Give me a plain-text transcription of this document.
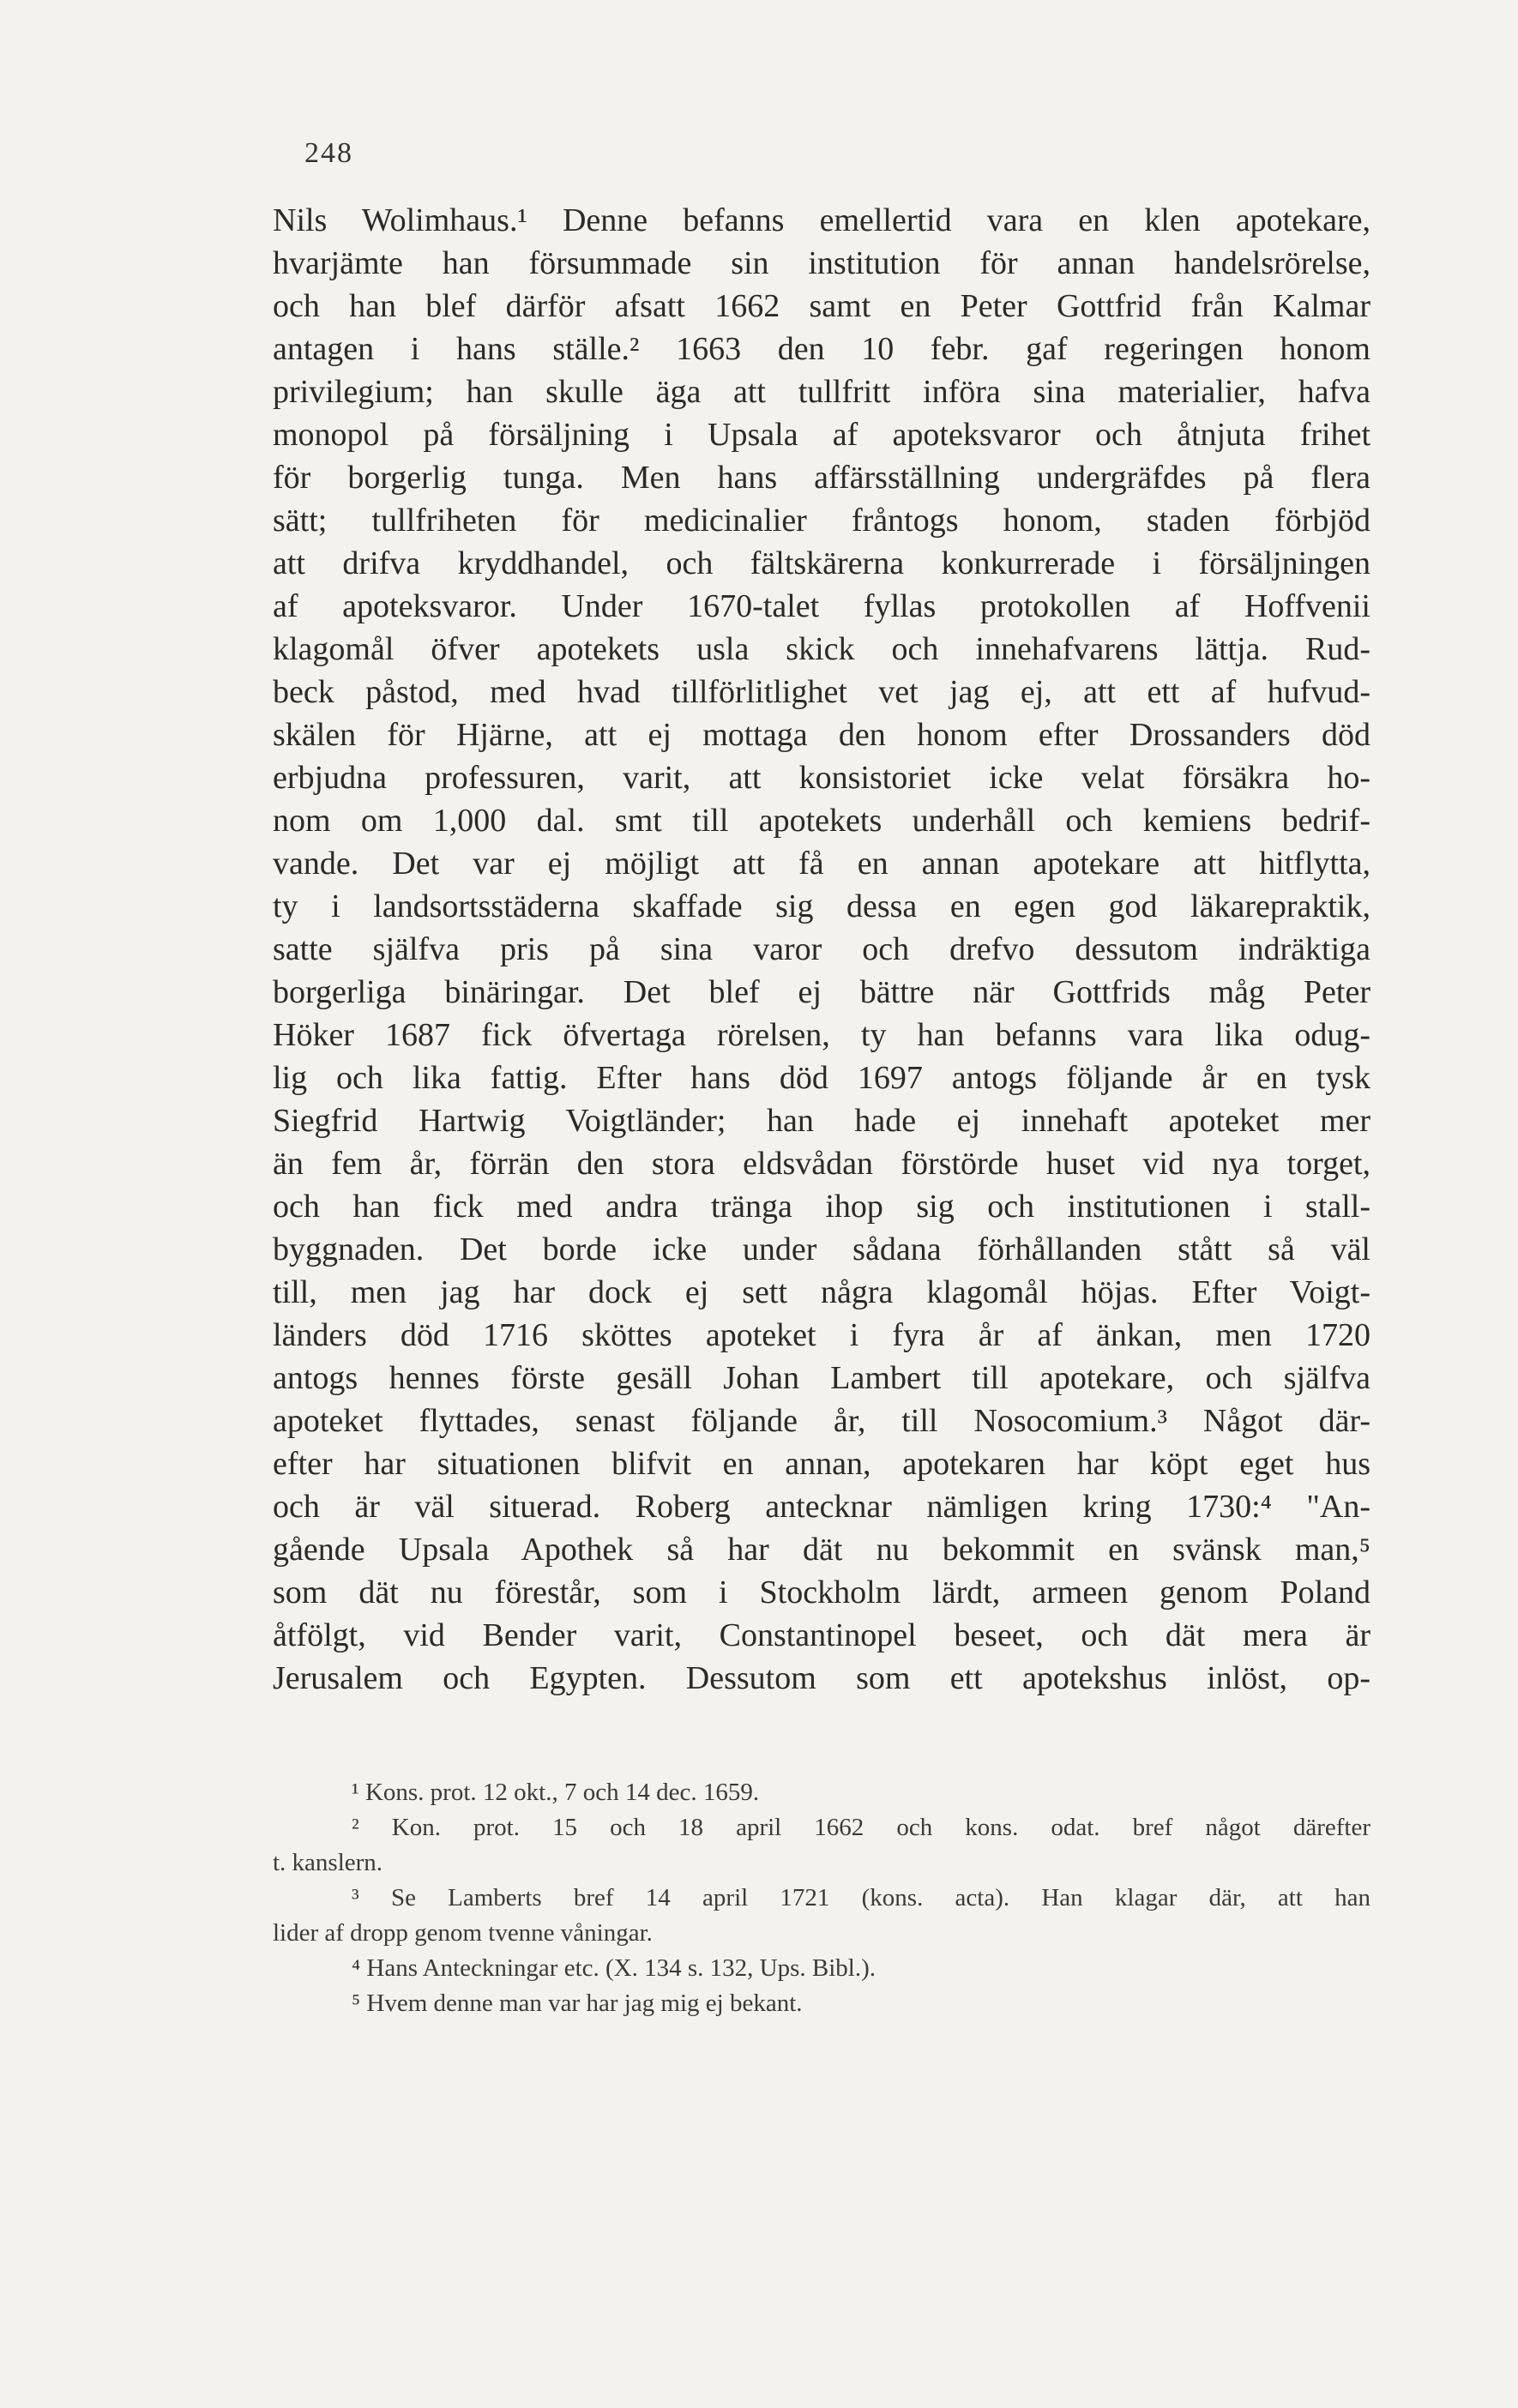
248
Nils Wolimhaus.¹ Denne befanns emellertid vara en klen apotekare,
hvarjämte han försummade sin institution för annan handelsrörelse,
och han blef därför afsatt 1662 samt en Peter Gottfrid från Kalmar
antagen i hans ställe.² 1663 den 10 febr. gaf regeringen honom
privilegium; han skulle äga att tullfritt införa sina materialier, hafva
monopol på försäljning i Upsala af apoteksvaror och åtnjuta frihet
för borgerlig tunga. Men hans affärsställning undergräfdes på flera
sätt; tullfriheten för medicinalier fråntogs honom, staden förbjöd
att drifva kryddhandel, och fältskärerna konkurrerade i försäljningen
af apoteksvaror. Under 1670-talet fyllas protokollen af Hoffvenii
klagomål öfver apotekets usla skick och innehafvarens lättja. Rud-
beck påstod, med hvad tillförlitlighet vet jag ej, att ett af hufvud-
skälen för Hjärne, att ej mottaga den honom efter Drossanders död
erbjudna professuren, varit, att konsistoriet icke velat försäkra ho-
nom om 1,000 dal. smt till apotekets underhåll och kemiens bedrif-
vande. Det var ej möjligt att få en annan apotekare att hitflytta,
ty i landsortsstäderna skaffade sig dessa en egen god läkarepraktik,
satte själfva pris på sina varor och drefvo dessutom indräktiga
borgerliga binäringar. Det blef ej bättre när Gottfrids måg Peter
Höker 1687 fick öfvertaga rörelsen, ty han befanns vara lika odug-
lig och lika fattig. Efter hans död 1697 antogs följande år en tysk
Siegfrid Hartwig Voigtländer; han hade ej innehaft apoteket mer
än fem år, förrän den stora eldsvådan förstörde huset vid nya torget,
och han fick med andra tränga ihop sig och institutionen i stall-
byggnaden. Det borde icke under sådana förhållanden stått så väl
till, men jag har dock ej sett några klagomål höjas. Efter Voigt-
länders död 1716 sköttes apoteket i fyra år af änkan, men 1720
antogs hennes förste gesäll Johan Lambert till apotekare, och själfva
apoteket flyttades, senast följande år, till Nosocomium.³ Något där-
efter har situationen blifvit en annan, apotekaren har köpt eget hus
och är väl situerad. Roberg antecknar nämligen kring 1730:⁴ "An-
gående Upsala Apothek så har dät nu bekommit en svänsk man,⁵
som dät nu förestår, som i Stockholm lärdt, armeen genom Poland
åtfölgt, vid Bender varit, Constantinopel beseet, och dät mera är
Jerusalem och Egypten. Dessutom som ett apotekshus inlöst, op-
¹ Kons. prot. 12 okt., 7 och 14 dec. 1659.
² Kon. prot. 15 och 18 april 1662 och kons. odat. bref något därefter
t. kanslern.
³ Se Lamberts bref 14 april 1721 (kons. acta). Han klagar där, att han
lider af dropp genom tvenne våningar.
⁴ Hans Anteckningar etc. (X. 134 s. 132, Ups. Bibl.).
⁵ Hvem denne man var har jag mig ej bekant.
